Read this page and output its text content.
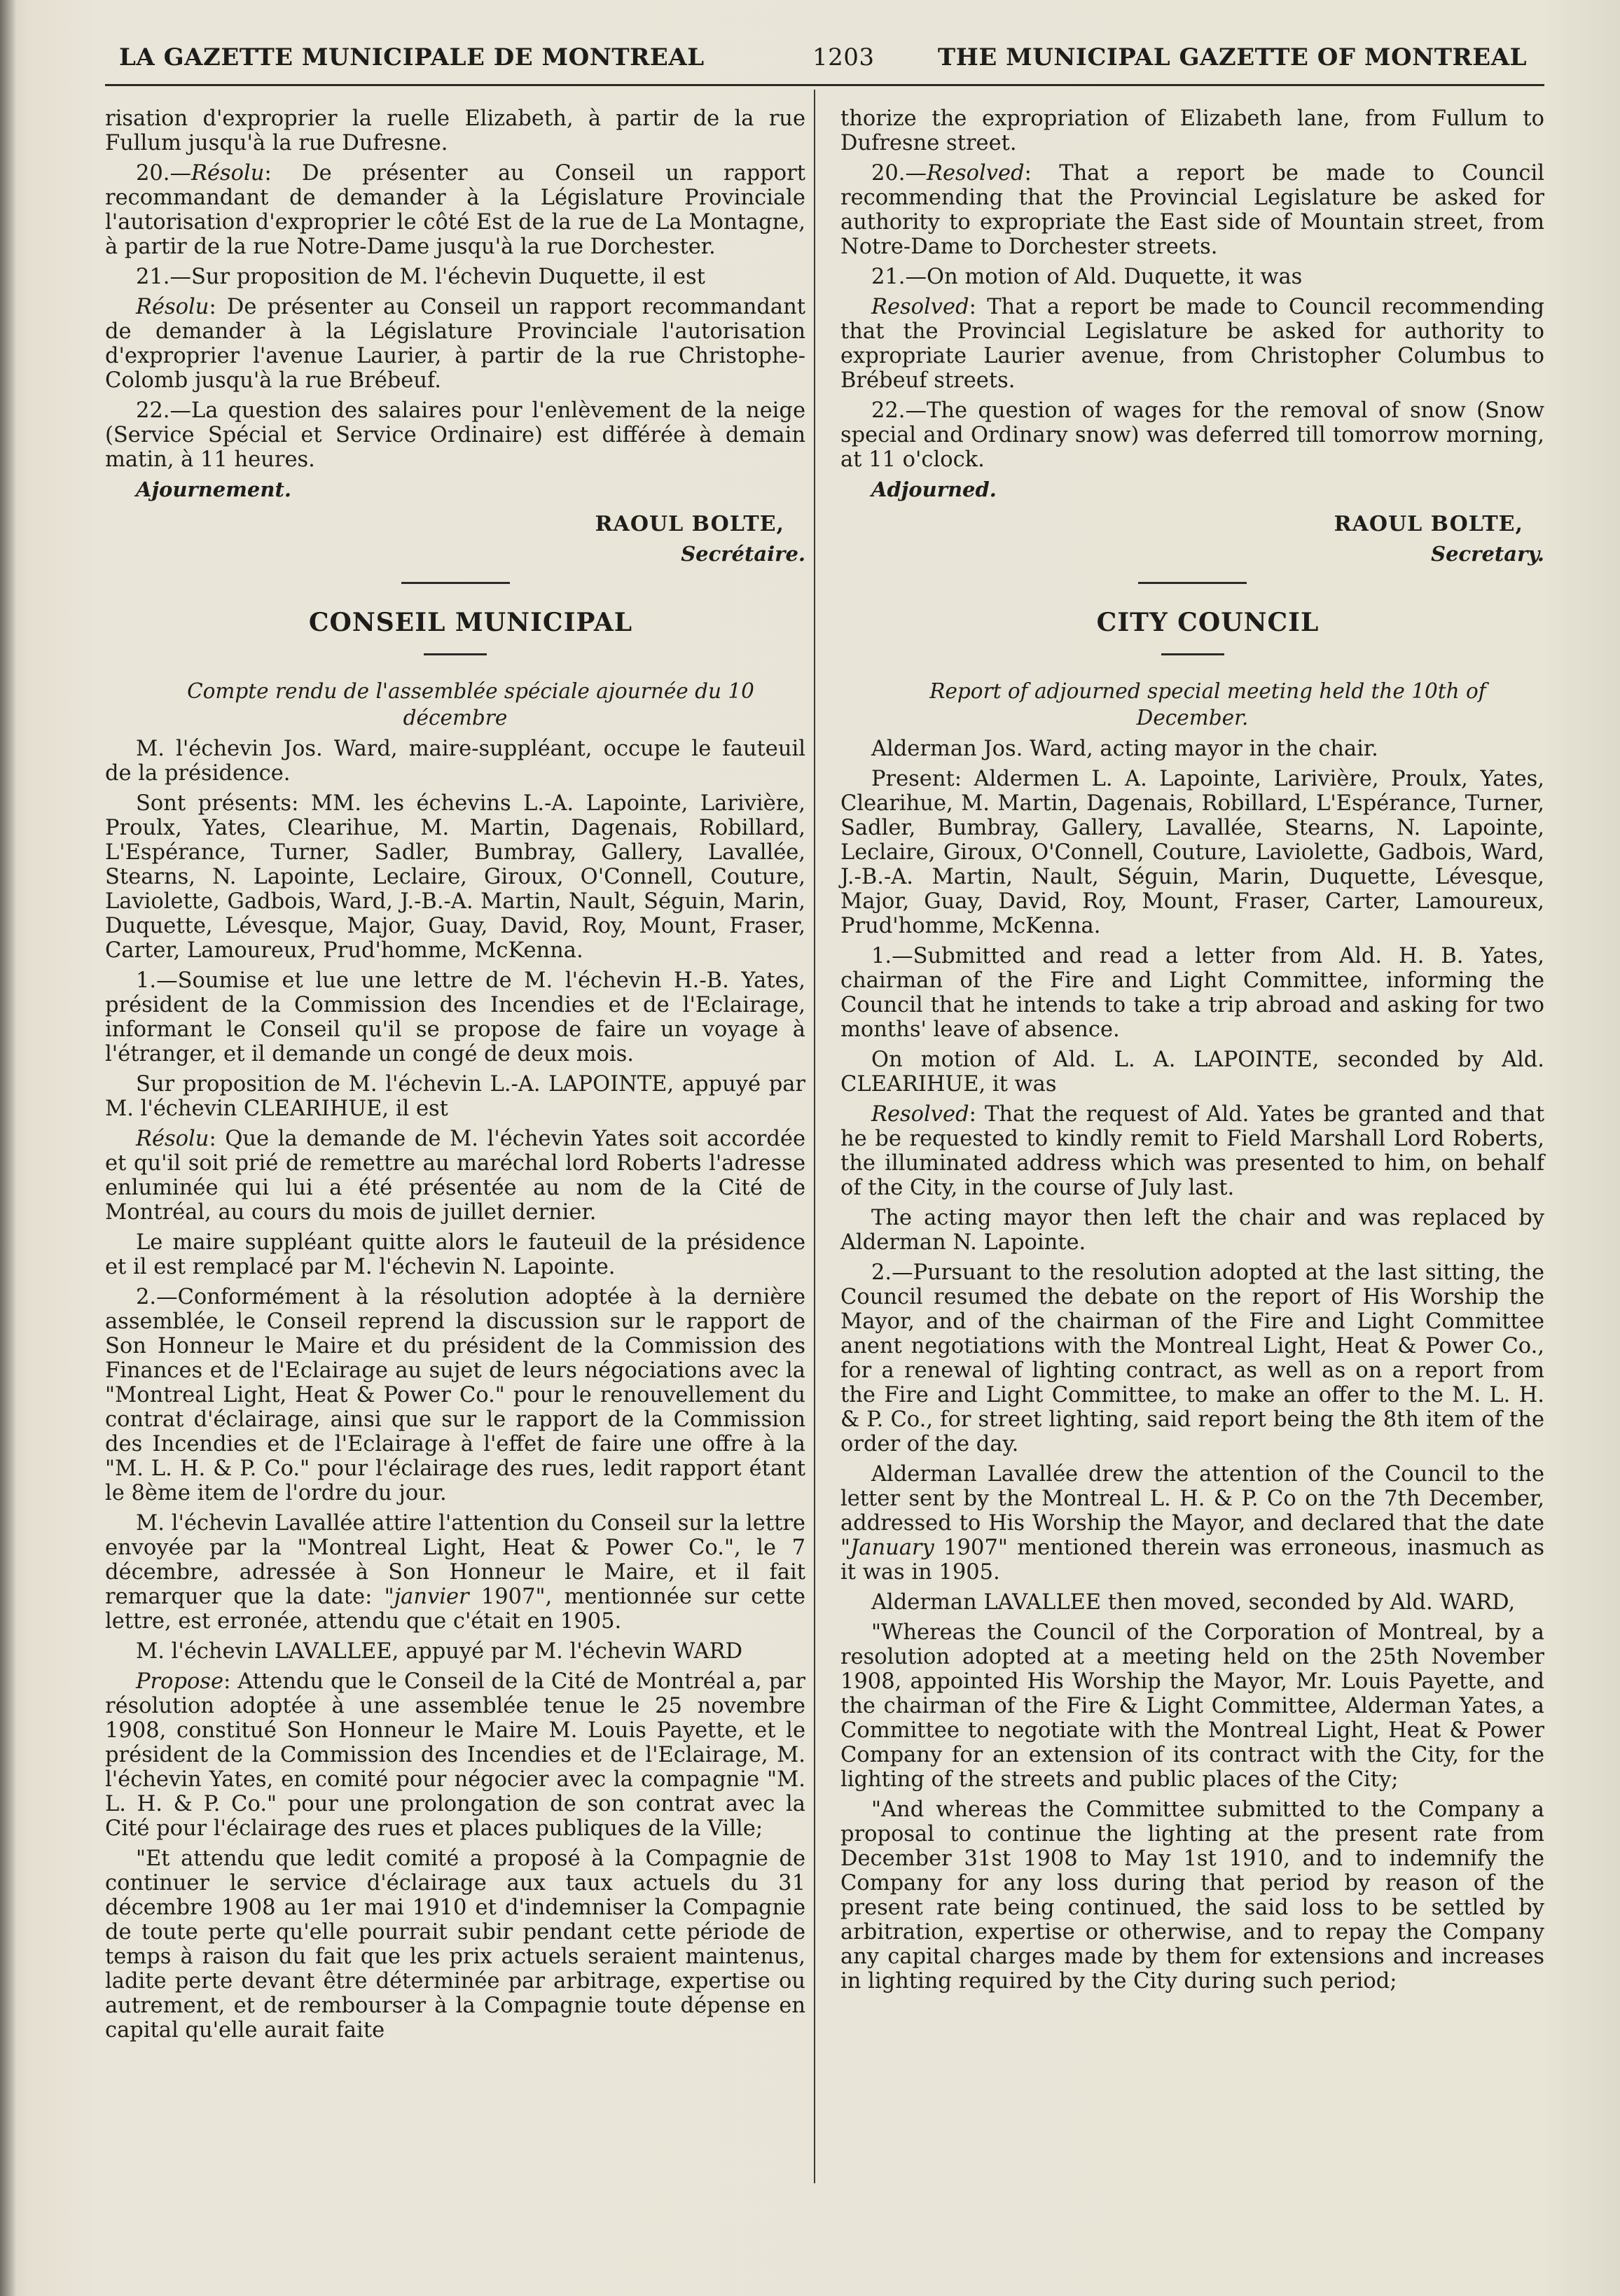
LA GAZETTE MUNICIPALE DE MONTREAL	1203	THE MUNICIPAL GAZETTE OF MONTREAL

risation d'exproprier la ruelle Elizabeth, à partir de la rue Fullum jusqu'à la rue Dufresne.

20.—Résolu: De présenter au Conseil un rapport recommandant de demander à la Législature Provinciale l'autorisation d'exproprier le côté Est de la rue de La Montagne, à partir de la rue Notre-Dame jusqu'à la rue Dorchester.

21.—Sur proposition de M. l'échevin Duquette, il est

Résolu: De présenter au Conseil un rapport recommandant de demander à la Législature Provinciale l'autorisation d'exproprier l'avenue Laurier, à partir de la rue Christophe-Colomb jusqu'à la rue Brébeuf.

22.—La question des salaires pour l'enlèvement de la neige (Service Spécial et Service Ordinaire) est différée à demain matin, à 11 heures.

Ajournement.

RAOUL BOLTE,

Secrétaire.

CONSEIL MUNICIPAL

Compte rendu de l'assemblée spéciale ajournée du 10 décembre

M. l'échevin Jos. Ward, maire-suppléant, occupe le fauteuil de la présidence.

Sont présents: MM. les échevins L.-A. Lapointe, Larivière, Proulx, Yates, Clearihue, M. Martin, Dagenais, Robillard, L'Espérance, Turner, Sadler, Bumbray, Gallery, Lavallée, Stearns, N. Lapointe, Leclaire, Giroux, O'Connell, Couture, Laviolette, Gadbois, Ward, J.-B.-A. Martin, Nault, Séguin, Marin, Duquette, Lévesque, Major, Guay, David, Roy, Mount, Fraser, Carter, Lamoureux, Prud'homme, McKenna.

1.—Soumise et lue une lettre de M. l'échevin H.-B. Yates, président de la Commission des Incendies et de l'Eclairage, informant le Conseil qu'il se propose de faire un voyage à l'étranger, et il demande un congé de deux mois.

Sur proposition de M. l'échevin L.-A. LAPOINTE, appuyé par M. l'échevin CLEARIHUE, il est

Résolu: Que la demande de M. l'échevin Yates soit accordée et qu'il soit prié de remettre au maréchal lord Roberts l'adresse enluminée qui lui a été présentée au nom de la Cité de Montréal, au cours du mois de juillet dernier.

Le maire suppléant quitte alors le fauteuil de la présidence et il est remplacé par M. l'échevin N. Lapointe.

2.—Conformément à la résolution adoptée à la dernière assemblée, le Conseil reprend la discussion sur le rapport de Son Honneur le Maire et du président de la Commission des Finances et de l'Eclairage au sujet de leurs négociations avec la "Montreal Light, Heat & Power Co." pour le renouvellement du contrat d'éclairage, ainsi que sur le rapport de la Commission des Incendies et de l'Eclairage à l'effet de faire une offre à la "M. L. H. & P. Co." pour l'éclairage des rues, ledit rapport étant le 8ème item de l'ordre du jour.

M. l'échevin Lavallée attire l'attention du Conseil sur la lettre envoyée par la "Montreal Light, Heat & Power Co.", le 7 décembre, adressée à Son Honneur le Maire, et il fait remarquer que la date: "janvier 1907", mentionnée sur cette lettre, est erronée, attendu que c'était en 1905.

M. l'échevin LAVALLEE, appuyé par M. l'échevin WARD

Propose: Attendu que le Conseil de la Cité de Montréal a, par résolution adoptée à une assemblée tenue le 25 novembre 1908, constitué Son Honneur le Maire M. Louis Payette, et le président de la Commission des Incendies et de l'Eclairage, M. l'échevin Yates, en comité pour négocier avec la compagnie "M. L. H. & P. Co." pour une prolongation de son contrat avec la Cité pour l'éclairage des rues et places publiques de la Ville;

"Et attendu que ledit comité a proposé à la Compagnie de continuer le service d'éclairage aux taux actuels du 31 décembre 1908 au 1er mai 1910 et d'indemniser la Compagnie de toute perte qu'elle pourrait subir pendant cette période de temps à raison du fait que les prix actuels seraient maintenus, ladite perte devant être déterminée par arbitrage, expertise ou autrement, et de rembourser à la Compagnie toute dépense en capital qu'elle aurait faite

thorize the expropriation of Elizabeth lane, from Fullum to Dufresne street.

20.—Resolved: That a report be made to Council recommending that the Provincial Legislature be asked for authority to expropriate the East side of Mountain street, from Notre-Dame to Dorchester streets.

21.—On motion of Ald. Duquette, it was

Resolved: That a report be made to Council recommending that the Provincial Legislature be asked for authority to expropriate Laurier avenue, from Christopher Columbus to Brébeuf streets.

22.—The question of wages for the removal of snow (Snow special and Ordinary snow) was deferred till tomorrow morning, at 11 o'clock.

Adjourned.

RAOUL BOLTE,

Secretary.

CITY COUNCIL

Report of adjourned special meeting held the 10th of December.

Alderman Jos. Ward, acting mayor in the chair.

Present: Aldermen L. A. Lapointe, Larivière, Proulx, Yates, Clearihue, M. Martin, Dagenais, Robillard, L'Espérance, Turner, Sadler, Bumbray, Gallery, Lavallée, Stearns, N. Lapointe, Leclaire, Giroux, O'Connell, Couture, Laviolette, Gadbois, Ward, J.-B.-A. Martin, Nault, Séguin, Marin, Duquette, Lévesque, Major, Guay, David, Roy, Mount, Fraser, Carter, Lamoureux, Prud'homme, McKenna.

1.—Submitted and read a letter from Ald. H. B. Yates, chairman of the Fire and Light Committee, informing the Council that he intends to take a trip abroad and asking for two months' leave of absence.

On motion of Ald. L. A. LAPOINTE, seconded by Ald. CLEARIHUE, it was

Resolved: That the request of Ald. Yates be granted and that he be requested to kindly remit to Field Marshall Lord Roberts, the illuminated address which was presented to him, on behalf of the City, in the course of July last.

The acting mayor then left the chair and was replaced by Alderman N. Lapointe.

2.—Pursuant to the resolution adopted at the last sitting, the Council resumed the debate on the report of His Worship the Mayor, and of the chairman of the Fire and Light Committee anent negotiations with the Montreal Light, Heat & Power Co., for a renewal of lighting contract, as well as on a report from the Fire and Light Committee, to make an offer to the M. L. H. & P. Co., for street lighting, said report being the 8th item of the order of the day.

Alderman Lavallée drew the attention of the Council to the letter sent by the Montreal L. H. & P. Co on the 7th December, addressed to His Worship the Mayor, and declared that the date "January 1907" mentioned therein was erroneous, inasmuch as it was in 1905.

Alderman LAVALLEE then moved, seconded by Ald. WARD,

"Whereas the Council of the Corporation of Montreal, by a resolution adopted at a meeting held on the 25th November 1908, appointed His Worship the Mayor, Mr. Louis Payette, and the chairman of the Fire & Light Committee, Alderman Yates, a Committee to negotiate with the Montreal Light, Heat & Power Company for an extension of its contract with the City, for the lighting of the streets and public places of the City;

"And whereas the Committee submitted to the Company a proposal to continue the lighting at the present rate from December 31st 1908 to May 1st 1910, and to indemnify the Company for any loss during that period by reason of the present rate being continued, the said loss to be settled by arbitration, expertise or otherwise, and to repay the Company any capital charges made by them for extensions and increases in lighting required by the City during such period;
